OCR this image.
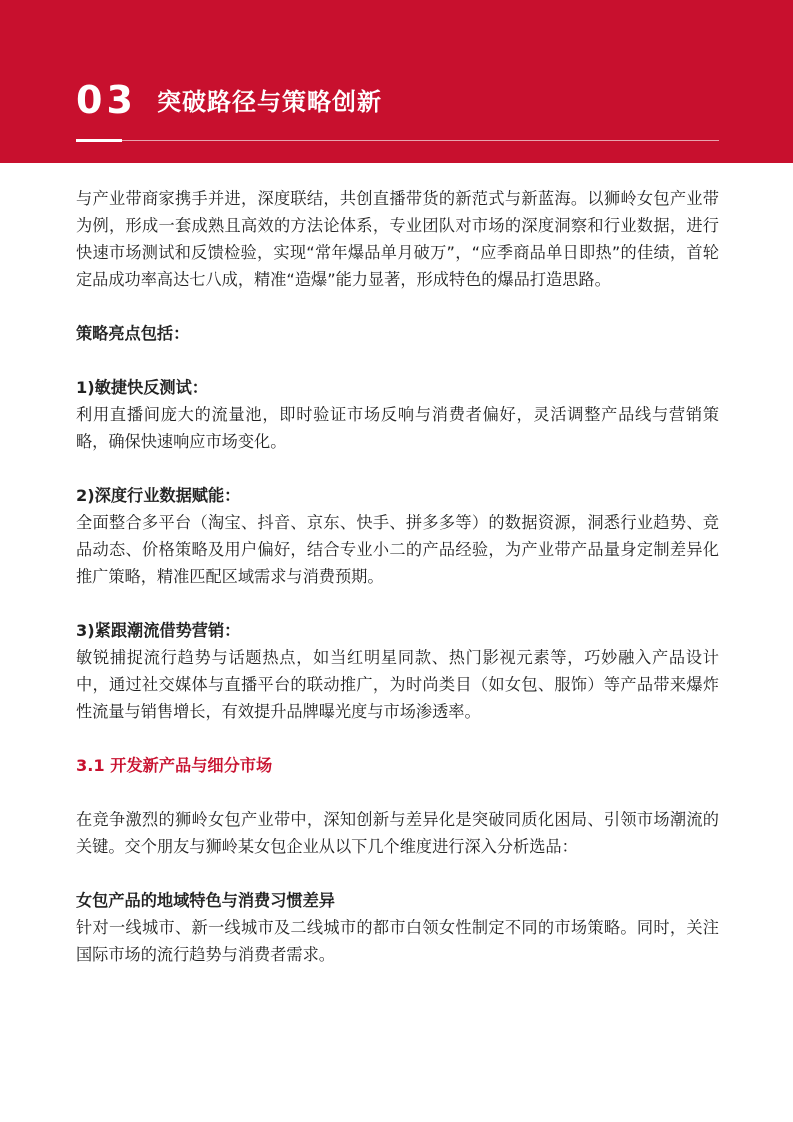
03 突破路径与策略创新

与产业带商家携手并进，深度联结，共创直播带货的新范式与新蓝海。以狮岭女包产业带为例，形成一套成熟且高效的方法论体系，专业团队对市场的深度洞察和行业数据，进行快速市场测试和反馈检验，实现“常年爆品单月破万”，“应季商品单日即热”的佳绩，首轮定品成功率高达七八成，精准“造爆”能力显著，形成特色的爆品打造思路。

策略亮点包括：

1)敏捷快反测试：

利用直播间庞大的流量池，即时验证市场反响与消费者偏好，灵活调整产品线与营销策略，确保快速响应市场变化。

2)深度行业数据赋能：

全面整合多平台（淘宝、抖音、京东、快手、拼多多等）的数据资源，洞悉行业趋势、竞品动态、价格策略及用户偏好，结合专业小二的产品经验，为产业带产品量身定制差异化推广策略，精准匹配区域需求与消费预期。

3)紧跟潮流借势营销：

敏锐捕捉流行趋势与话题热点，如当红明星同款、热门影视元素等，巧妙融入产品设计中，通过社交媒体与直播平台的联动推广，为时尚类目（如女包、服饰）等产品带来爆炸性流量与销售增长，有效提升品牌曝光度与市场渗透率。

3.1 开发新产品与细分市场

在竞争激烈的狮岭女包产业带中，深知创新与差异化是突破同质化困局、引领市场潮流的关键。交个朋友与狮岭某女包企业从以下几个维度进行深入分析选品：

女包产品的地域特色与消费习惯差异

针对一线城市、新一线城市及二线城市的都市白领女性制定不同的市场策略。同时，关注国际市场的流行趋势与消费者需求。
